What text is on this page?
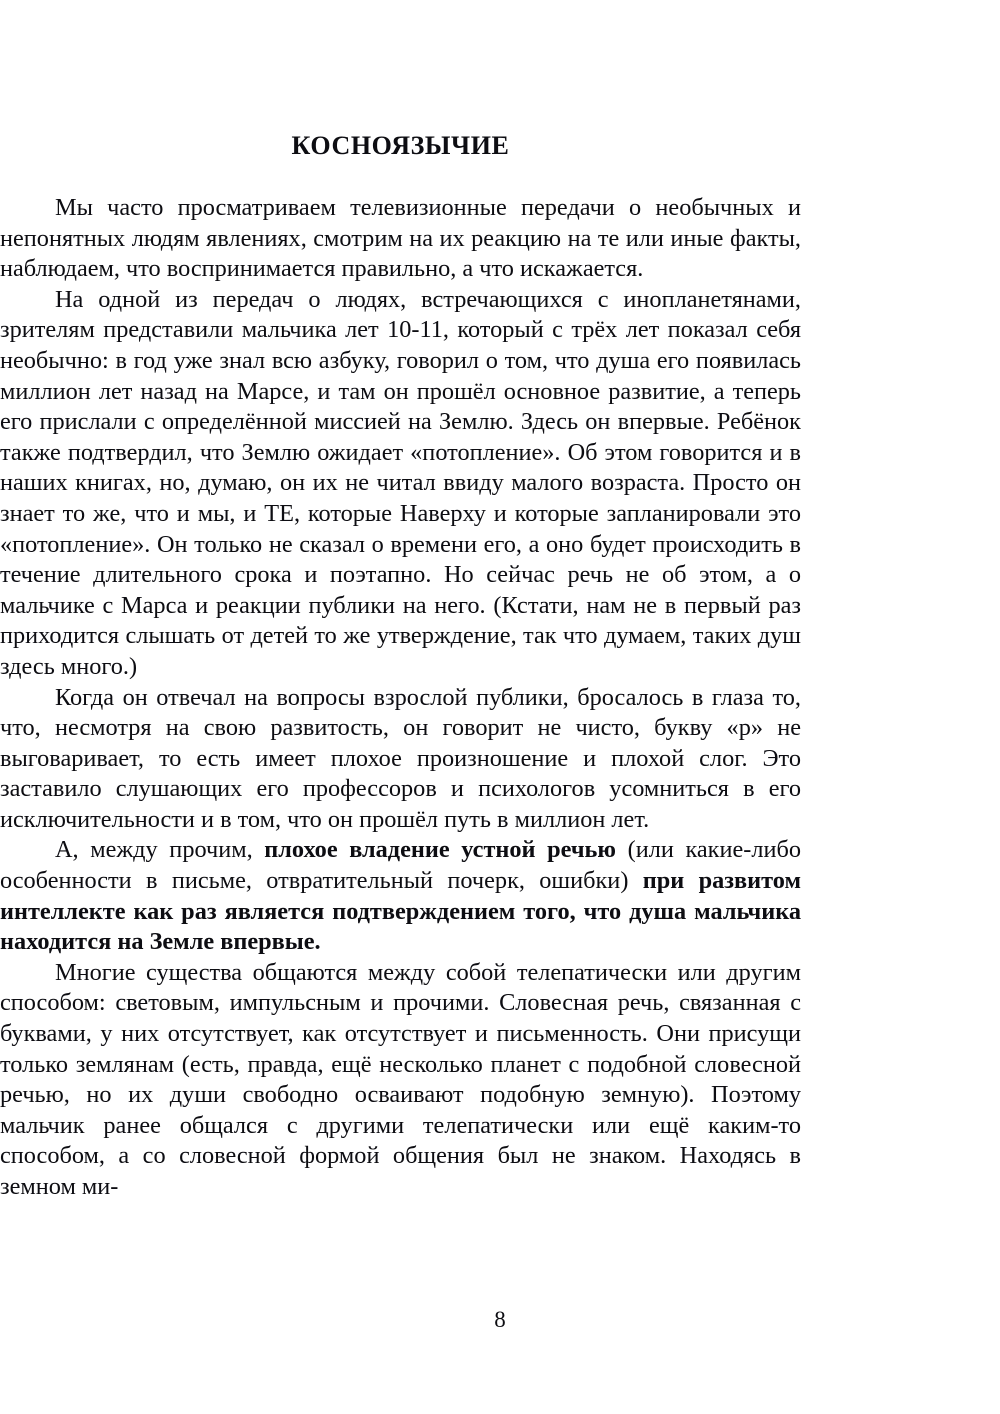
КОСНОЯЗЫЧИЕ

Мы часто просматриваем телевизионные передачи о необычных и непонятных людям явлениях, смотрим на их реакцию на те или иные факты, наблюдаем, что воспринимается правильно, а что искажается.

На одной из передач о людях, встречающихся с инопланетянами, зрителям представили мальчика лет 10-11, который с трёх лет показал себя необычно: в год уже знал всю азбуку, говорил о том, что душа его появилась миллион лет назад на Марсе, и там он прошёл основное развитие, а теперь его прислали с определённой миссией на Землю. Здесь он впервые. Ребёнок также подтвердил, что Землю ожидает «потопление». Об этом говорится и в наших книгах, но, думаю, он их не читал ввиду малого возраста. Просто он знает то же, что и мы, и ТЕ, которые Наверху и которые запланировали это «потопление». Он только не сказал о времени его, а оно будет происходить в течение длительного срока и поэтапно. Но сейчас речь не об этом, а о мальчике с Марса и реакции публики на него. (Кстати, нам не в первый раз приходится слышать от детей то же утверждение, так что думаем, таких душ здесь много.)

Когда он отвечал на вопросы взрослой публики, бросалось в глаза то, что, несмотря на свою развитость, он говорит не чисто, букву «р» не выговаривает, то есть имеет плохое произношение и плохой слог. Это заставило слушающих его профессоров и психологов усомниться в его исключительности и в том, что он прошёл путь в миллион лет.

А, между прочим, плохое владение устной речью (или какие-либо особенности в письме, отвратительный почерк, ошибки) при развитом интеллекте как раз является подтверждением того, что душа мальчика находится на Земле впервые.

Многие существа общаются между собой телепатически или другим способом: световым, импульсным и прочими. Словесная речь, связанная с буквами, у них отсутствует, как отсутствует и письменность. Они присущи только землянам (есть, правда, ещё несколько планет с подобной словесной речью, но их души свободно осваивают подобную земную). Поэтому мальчик ранее общался с другими телепатически или ещё каким-то способом, а со словесной формой общения был не знаком. Находясь в земном ми-

8
